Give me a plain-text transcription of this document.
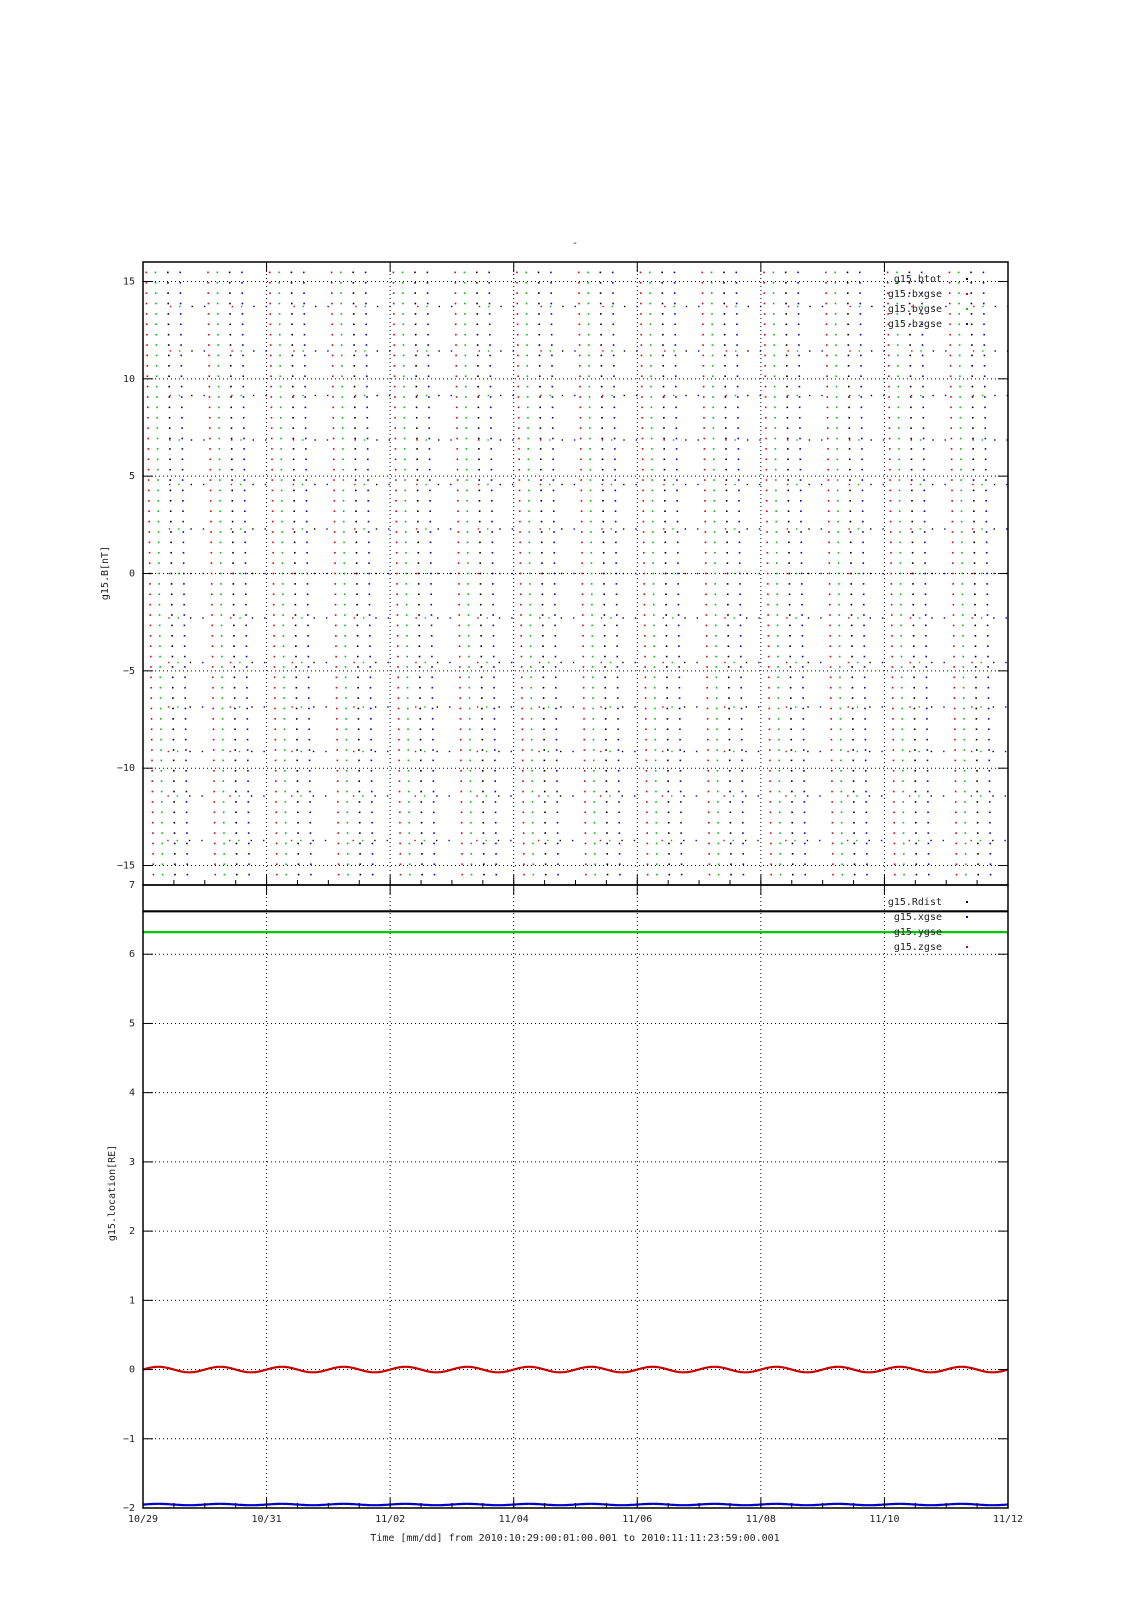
-
15
10
5
0
−5
−10
−15
g15.btot
g15.bxgse
g15.bygse
g15.bzgse
g15.B[nT]
7
6
5
4
3
2
1
0
−1
−2
g15.Rdist
g15.xgse
g15.ygse
g15.zgse
g15.location[RE]
10/29	10/31	11/02	11/04	11/06	11/08	11/10	11/12
Time [mm/dd] from 2010:10:29:00:01:00.001 to 2010:11:11:23:59:00.001
